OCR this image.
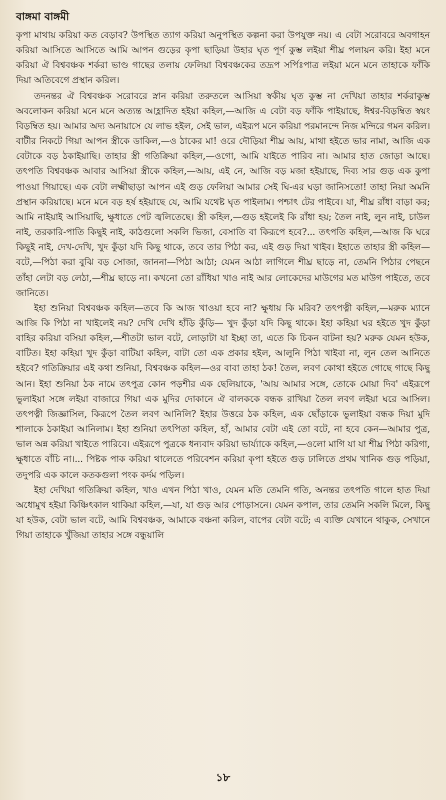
বাঙ্গমা বাঙ্গমী

কৃপা মাথায় করিয়া কত বেড়াব? উপস্থিত ত্যাগ করিয়া অনুপস্থিত কল্পনা করা উপযুক্ত নয়। এ বেটা সরোবরে অবগাহন করিয়া আসিতে আসিতে আমি আপন গুড়ের কৃপা ছাড়িয়া উহার ঘৃত পূর্ণ কুম্ভ লইয়া শীঘ্র পলায়ন করি। ইহা মনে করিয়া ঐ বিশ্ববঞ্চক শর্করা ভাণ্ড গাছের তলায় ফেলিয়া বিশ্ববঞ্চকের তদ্রূপ সর্পিঃপাত্র লইয়া মনে মনে তাহাকে ফাঁকি দিয়া অতিবেগে প্রস্থান করিল।

তদনন্তর ঐ বিশ্ববঞ্চক সরোবরে স্নান করিয়া তরুতলে আসিয়া স্বকীয় ঘৃত কুম্ভ না দেখিয়া তাহার শর্করাকুম্ভ অবলোকন করিয়া মনে মনে অত্যন্ত আহ্লাদিত হইয়া কহিল,—আজি এ বেটা বড় ফাঁকি পাইয়াছে, ঈশ্বর-বিড়ম্বিত স্বয়ং বিড়ম্বিত হয়। আমার অদ্য অনায়াসে যে লাভ হইল, সেই ভাল, এইরূপ মনে করিয়া পরমানন্দে নিজ মন্দিরে গমন করিল। বাটীর নিকটে গিয়া আপন স্ত্রীকে ডাকিল,—ও ঠাকের মা! ওরে দৌড়িয়া শীঘ্র আয়, মাথা হইতে ভার নামা, আজি এক বেটাকে বড় ঠকাইয়াছি। তাহার স্ত্রী গতিক্রিয়া কহিল,—ওগো, আমি যাইতে পারিব না। আমার হাত জোড়া আছে। তৎপতি বিশ্ববঞ্চক আবার আসিয়া স্ত্রীকে কহিল,—আয়, এই নে, আজি বড় মজা হইয়াছে, দিব্য সার গুড় এক কুপা পাওয়া গিয়াছে। এক বেটা লক্ষ্মীছাড়া আপন এই গুড় ফেলিয়া আমার সেই ঘি-এর ঘড়া জানিসতো! তাহা নিয়া অমনি প্রস্থান করিয়াছে। মনে মনে বড় হর্ষ হইয়াছে যে, আমি যথেষ্ট ঘৃত পাইলাম। পশ্চাৎ টের পাইবে। যা, শীঘ্র রাঁধা বাড়া কর; আমি নাইয়াই আসিয়াছি, ক্ষুধাতে পেট জ্বলিতেছে। স্ত্রী কহিল,—গুড় হইলেই কি রাঁধা হয়; তৈল নাই, লুন নাই, চাউল নাই, তরকারি-পাতি কিছুই নাই, কাঠগুলো সকলি ভিজা, বেসাতি বা কিরূপে হবে?... তৎপতি কহিল,—আজ কি ঘরে কিছুই নাই, দেখ-দেখি, খুদ কুঁড়া যদি কিছু থাকে, তবে তার পিঠা কর, এই গুড় দিয়া খাইব। ইহাতে তাহার স্ত্রী কহিল—বটে,—পিঠা করা বুঝি বড় সোজা, জাননা—পিঠা আঠা; যেমন আঠা লাগিলে শীঘ্র ছাড়ে না, তেমনি পিঠার পেছনে তাঁহা লেটা বড় লেঠা,—শীঘ্র ছাড়ে না। কখনো তো রাঁধিয়া খাও নাই আর লোকেদের মাউগের মত মাউগ পাইতে, তবে জানিতে।

ইহা শুনিয়া বিশ্ববঞ্চক কহিল—তবে কি আজ খাওয়া হবে না? ক্ষুধায় কি মরিব? তৎপত্নী কহিল,—মরুক ম্যানে আজি কি পিঠা না খাইলেই নয়? দেখি দেখি হাঁড়ি কুঁড়ি— খুদ কুঁড়া যদি কিছু থাকে। ইহা কহিয়া ঘর হইতে খুদ কুঁড়া বাহির করিয়া বসিয়া কহিল,—শীতটা ভাল বটে, লোড়াটা যা ইচ্ছা তা, এতে কি চিকন বাটনা হয়? মরুক যেমন হউক, বাটিত। ইহা কহিয়া খুদ কুঁড়া বাটিয়া কহিল, বাটা তো এক প্রকার হইল, আলুনি পিঠা খাইবা না, লুন তেল আনিতে হইবে? গতিক্রিয়ার এই কথা শুনিয়া, বিশ্ববঞ্চক কহিল—ওর বাবা তাহা ঠক! তৈল, লবণ কোথা হইতে গোছে গাছে কিছু আন। ইহা শুনিয়া ঠক নামে তৎপুত্র কোন পড়শীর এক ছেলিয়াকে, 'আয় আমার সঙ্গে, তোকে মোয়া দিব' এইরূপে ভুলাইয়া সঙ্গে লইয়া বাজারে গিয়া এক মুদির দোকানে ঐ বালককে বন্ধক রাখিয়া তৈল লবণ লইয়া ঘরে আসিল। তৎপত্নী জিজ্ঞাসিল, কিরূপে তৈল লবণ আনিলি? ইহার উত্তরে ঠক কহিল, এক ছোঁড়াকে ভুলাইয়া বন্ধক দিয়া মুদি শালাকে ঠকাইয়া আনিলাম। ইহা শুনিয়া তৎপিতা কহিল, হাঁ, আমার বেটা এই তো বটে, না হবে কেন—আমার পুত্র, ভাল অন্ন করিয়া খাইতে পারিবে। এইরূপে পুত্রকে ধন্যবাদ করিয়া ভার্য্যাকে কহিল,—ওলো মাগি যা যা শীঘ্র পিঠা করিগা, ক্ষুধাতে বাঁচি না।... পিষ্টক পাক করিয়া থালেতে পরিবেশন করিয়া কৃপা হইতে গুড় ঢালিতে প্রথম খানিক গুড় পড়িয়া, তদুপরি এক কালে কতকগুলা পংক কর্দম পড়িল।

ইহা দেখিয়া গতিক্রিয়া কহিল, খাও এখন পিঠা খাও, যেমন মতি তেমনি গতি, অনন্তর তৎপতি গালে হাত দিয়া অধোমুখ হইয়া কিঞ্চিৎকাল থাকিয়া কহিল,—যা, যা গুড় আর পোড়াসনে। যেমন কপাল, তার তেমনি সকলি মিলে, কিছু যা হউক, বেটা ভাল বটে, আমি বিশ্ববঞ্চক, আমাকে বঞ্চনা করিল, বাপের বেটা বটে; এ ব্যক্তি যেখানে থাকুক, সেখানে গিয়া তাহাকে খুঁজিয়া তাহার সঙ্গে বন্ধুয়ালি

১৮
